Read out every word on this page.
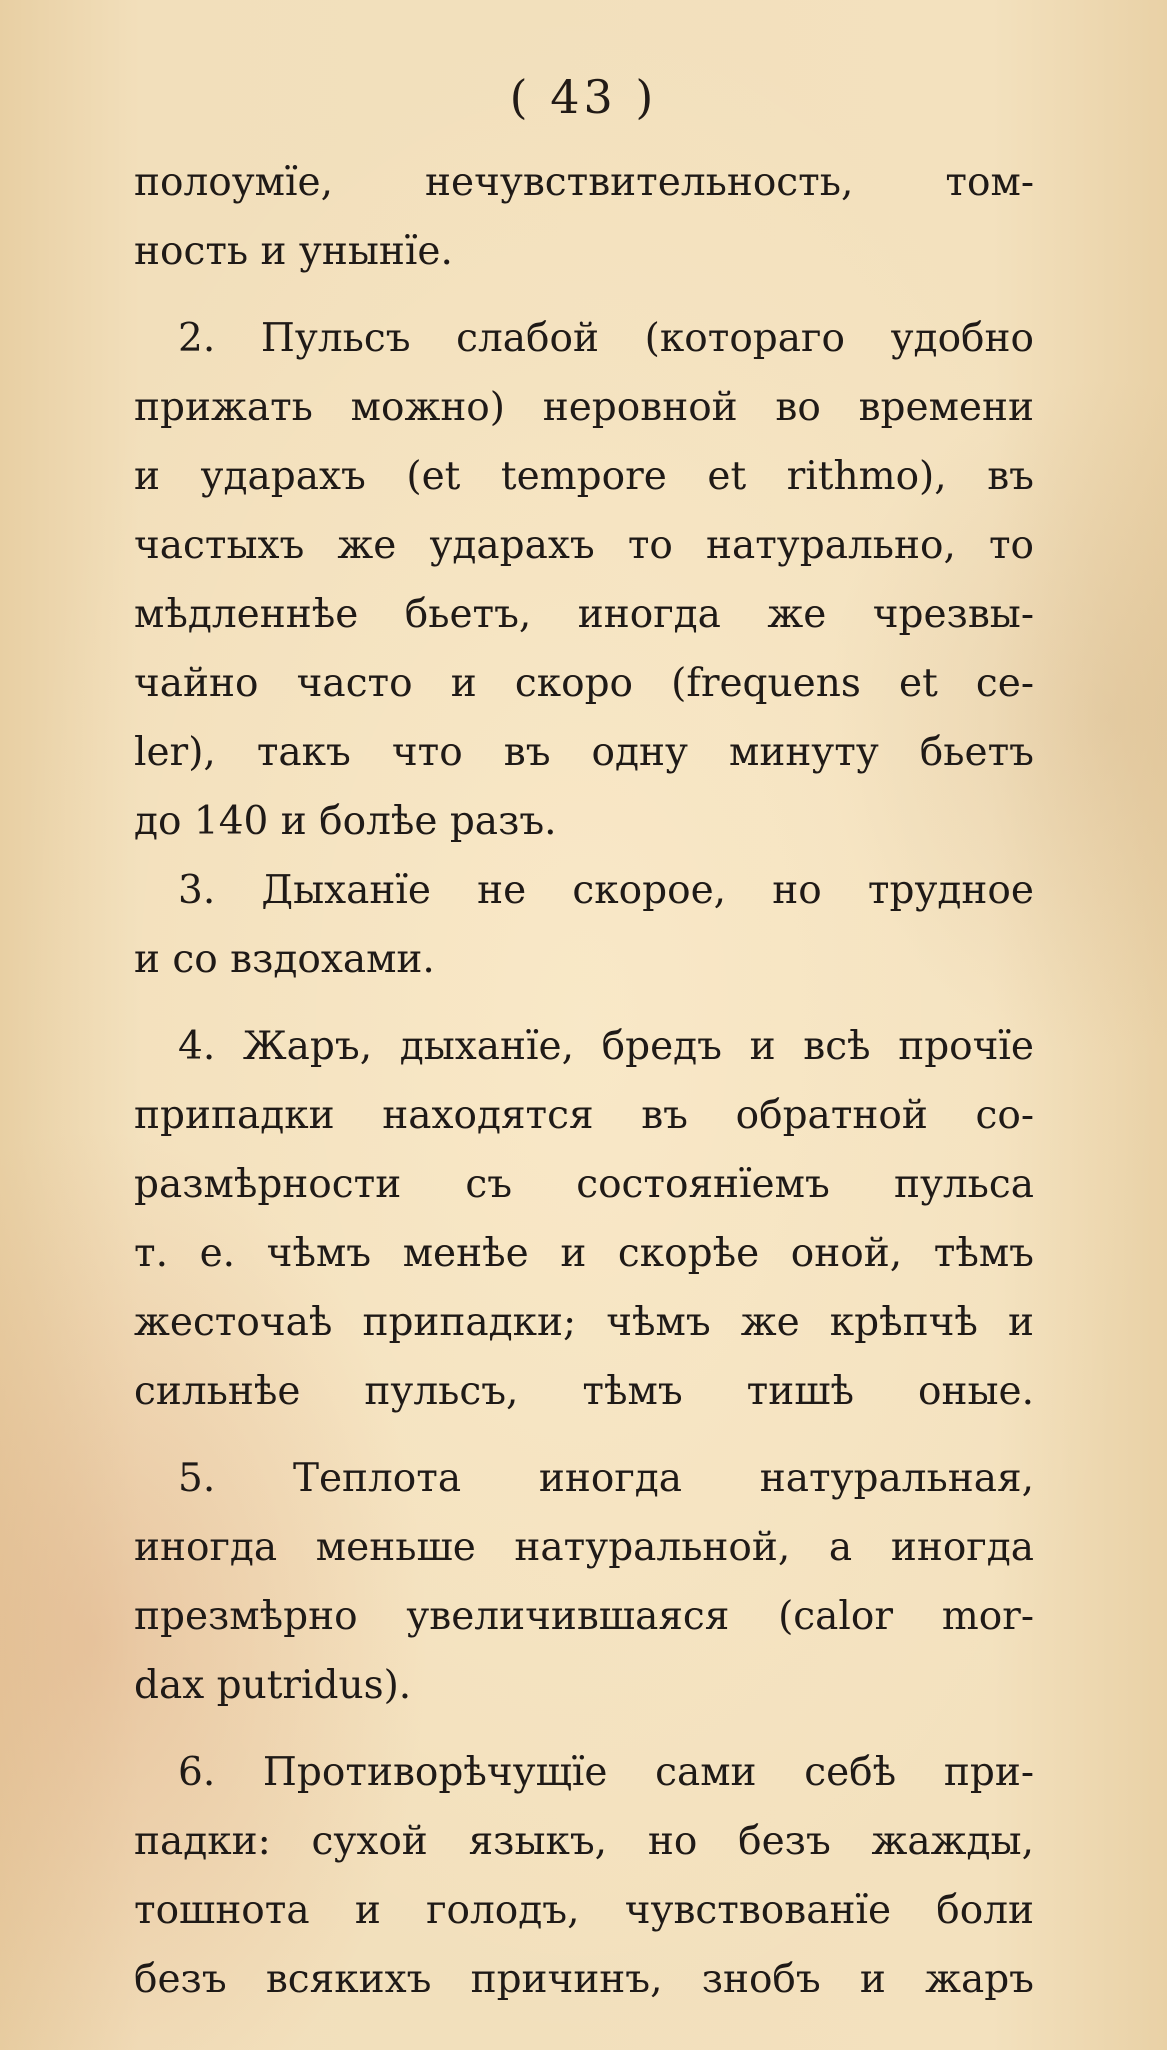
( 43 )
полоумїе, нечувствительность, том-
ность и унынїе.
2. Пульсъ слабой (котораго удобно
прижать можно) неровной во времени
и ударахъ (et tempore et rithmo), въ
частыхъ же ударахъ то натурально, то
мѣдленнѣе бьетъ, иногда же чрезвы-
чайно часто и скоро (frequens et ce-
ler), такъ что въ одну минуту бьетъ
до 140 и болѣе разъ.
3. Дыханїе не скорое, но трудное
и со вздохами.
4. Жаръ, дыханїе, бредъ и всѣ прочїе
припадки находятся въ обратной со-
размѣрности съ состоянїемъ пульса
т. е. чѣмъ менѣе и скорѣе оной, тѣмъ
жесточаѣ припадки; чѣмъ же крѣпчѣ и
сильнѣе пульсъ, тѣмъ тишѣ оные.
5. Теплота иногда натуральная,
иногда меньше натуральной, а иногда
презмѣрно увеличившаяся (calor mor-
dax putridus).
6. Противорѣчущїе сами себѣ при-
падки: сухой языкъ, но безъ жажды,
тошнота и голодъ, чувствованїе боли
безъ всякихъ причинъ, знобъ и жаръ
